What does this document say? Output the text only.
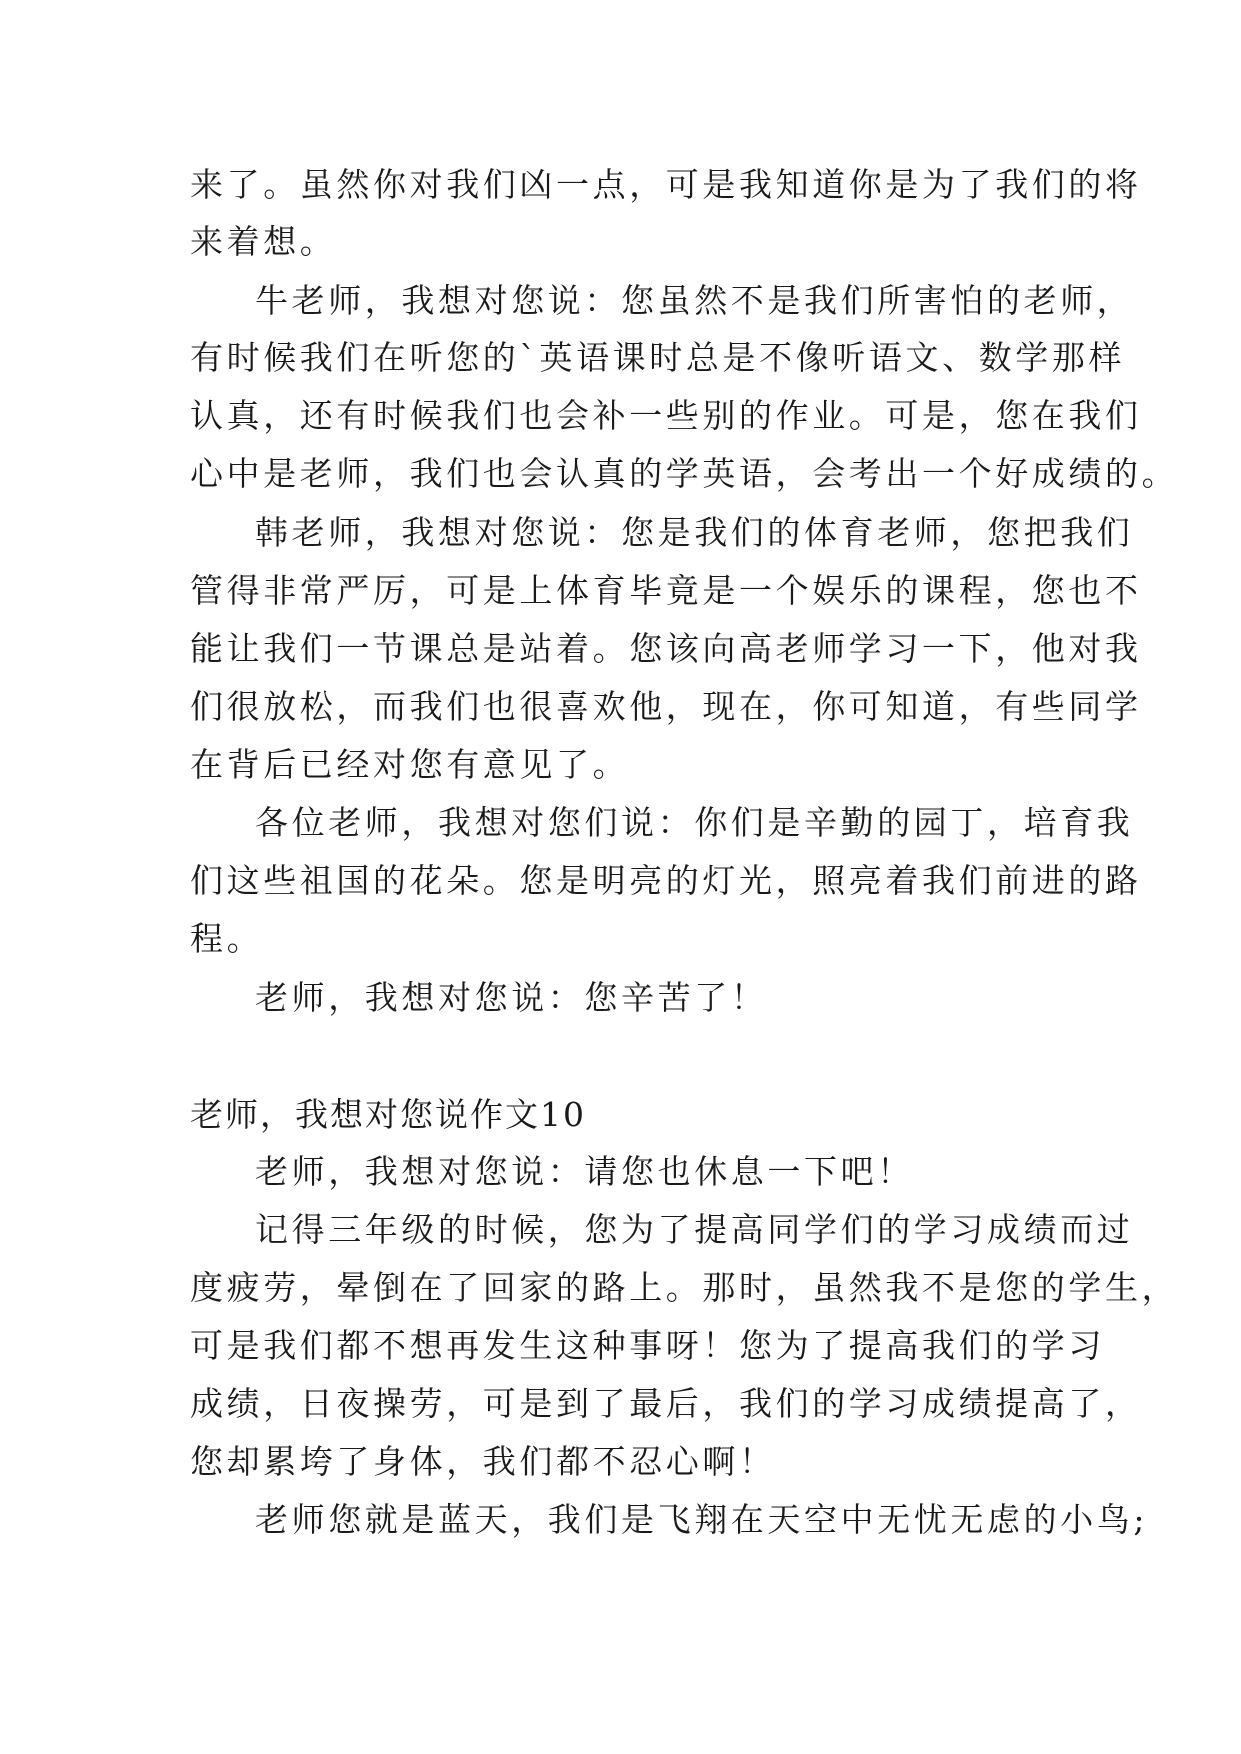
来了。虽然你对我们凶一点，可是我知道你是为了我们的将
来着想。
牛老师，我想对您说：您虽然不是我们所害怕的老师，
有时候我们在听您的`英语课时总是不像听语文、数学那样
认真，还有时候我们也会补一些别的作业。可是，您在我们
心中是老师，我们也会认真的学英语，会考出一个好成绩的。
韩老师，我想对您说：您是我们的体育老师，您把我们
管得非常严厉，可是上体育毕竟是一个娱乐的课程，您也不
能让我们一节课总是站着。您该向高老师学习一下，他对我
们很放松，而我们也很喜欢他，现在，你可知道，有些同学
在背后已经对您有意见了。
各位老师，我想对您们说：你们是辛勤的园丁，培育我
们这些祖国的花朵。您是明亮的灯光，照亮着我们前进的路
程。
老师，我想对您说：您辛苦了！
老师，我想对您说作文10
老师，我想对您说：请您也休息一下吧！
记得三年级的时候，您为了提高同学们的学习成绩而过
度疲劳，晕倒在了回家的路上。那时，虽然我不是您的学生，
可是我们都不想再发生这种事呀！您为了提高我们的学习
成绩，日夜操劳，可是到了最后，我们的学习成绩提高了，
您却累垮了身体，我们都不忍心啊！
老师您就是蓝天，我们是飞翔在天空中无忧无虑的小鸟;
